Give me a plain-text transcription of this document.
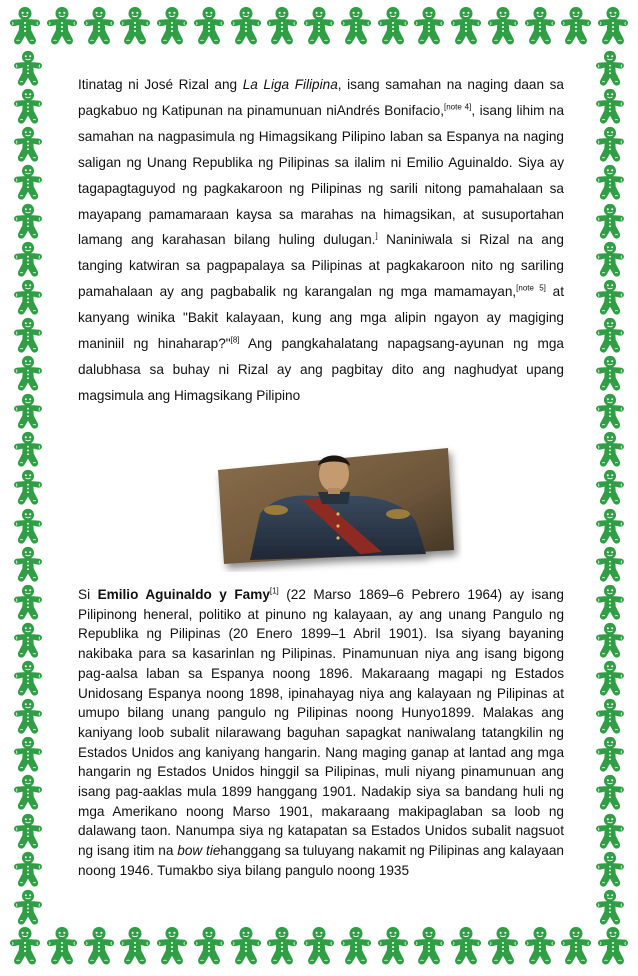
Itinatag ni José Rizal ang La Liga Filipina, isang samahan na naging daan sa pagkabuo ng Katipunan na pinamunuan niAndrés Bonifacio,[note 4], isang lihim na samahan na nagpasimula ng Himagsikang Pilipino laban sa Espanya na naging saligan ng Unang Republika ng Pilipinas sa ilalim ni Emilio Aguinaldo. Siya ay tagapagtaguyod ng pagkakaroon ng Pilipinas ng sarili nitong pamahalaan sa mayapang pamamaraan kaysa sa marahas na himagsikan, at susuportahan lamang ang karahasan bilang huling dulugan.] Naniniwala si Rizal na ang tanging katwiran sa pagpapalaya sa Pilipinas at pagkakaroon nito ng sariling pamahalaan ay ang pagbabalik ng karangalan ng mga mamamayan,[note 5] at kanyang winika "Bakit kalayaan, kung ang mga alipin ngayon ay magiging maniniil ng hinaharap?"[8] Ang pangkahalatang napagsang-ayunan ng mga dalubhasa sa buhay ni Rizal ay ang pagbitay dito ang naghudyat upang magsimula ang Himagsikang Pilipino

Si Emilio Aguinaldo y Famy[1] (22 Marso 1869–6 Pebrero 1964) ay isang Pilipinong heneral, politiko at pinuno ng kalayaan, ay ang unang Pangulo ng Republika ng Pilipinas (20 Enero 1899–1 Abril 1901). Isa siyang bayaning nakibaka para sa kasarinlan ng Pilipinas. Pinamunuan niya ang isang bigong pag-aalsa laban sa Espanya noong 1896. Makaraang magapi ng Estados Unidosang Espanya noong 1898, ipinahayag niya ang kalayaan ng Pilipinas at umupo bilang unang pangulo ng Pilipinas noong Hunyo1899. Malakas ang kaniyang loob subalit nilarawang baguhan sapagkat naniwalang tatangkilin ng Estados Unidos ang kaniyang hangarin. Nang maging ganap at lantad ang mga hangarin ng Estados Unidos hinggil sa Pilipinas, muli niyang pinamunuan ang isang pag-aaklas mula 1899 hanggang 1901. Nadakip siya sa bandang huli ng mga Amerikano noong Marso 1901, makaraang makipaglaban sa loob ng dalawang taon. Nanumpa siya ng katapatan sa Estados Unidos subalit nagsuot ng isang itim na bow tiehanggang sa tuluyang nakamit ng Pilipinas ang kalayaan noong 1946. Tumakbo siya bilang pangulo noong 1935
